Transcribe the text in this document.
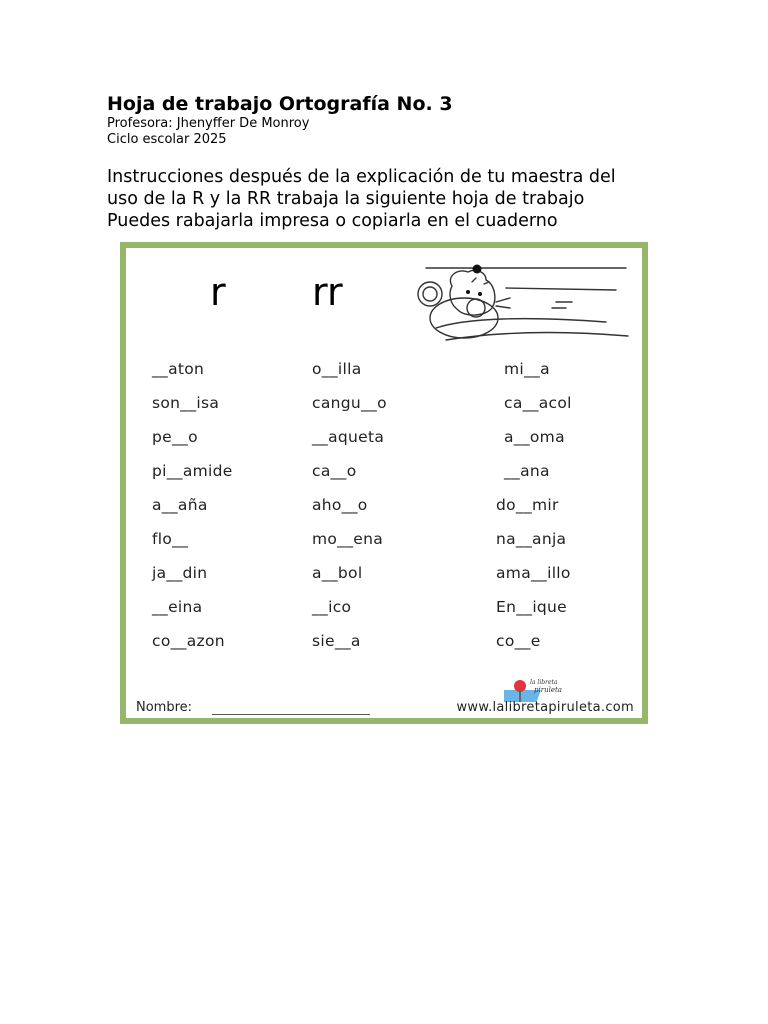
Hoja de trabajo Ortografía No. 3

Profesora: Jhenyffer De Monroy

Ciclo escolar 2025

Instrucciones después de la explicación de tu maestra del
uso de la R y la RR trabaja la siguiente hoja de trabajo
Puedes rabajarla impresa o copiarla en el cuaderno
r rr
__aton
son__isa
pe__o
pi__amide
a__aña
flo__
ja__din
__eina
co__azon
o__illa
cangu__o
__aqueta
ca__o
aho__o
mo__ena
a__bol
__ico
sie__a
mi__a
ca__acol
a__oma
__ana
do__mir
na__anja
ama__illo
En__ique
co__e
la libreta
piruleta
Nombre:	www.lalibretapiruleta.com
